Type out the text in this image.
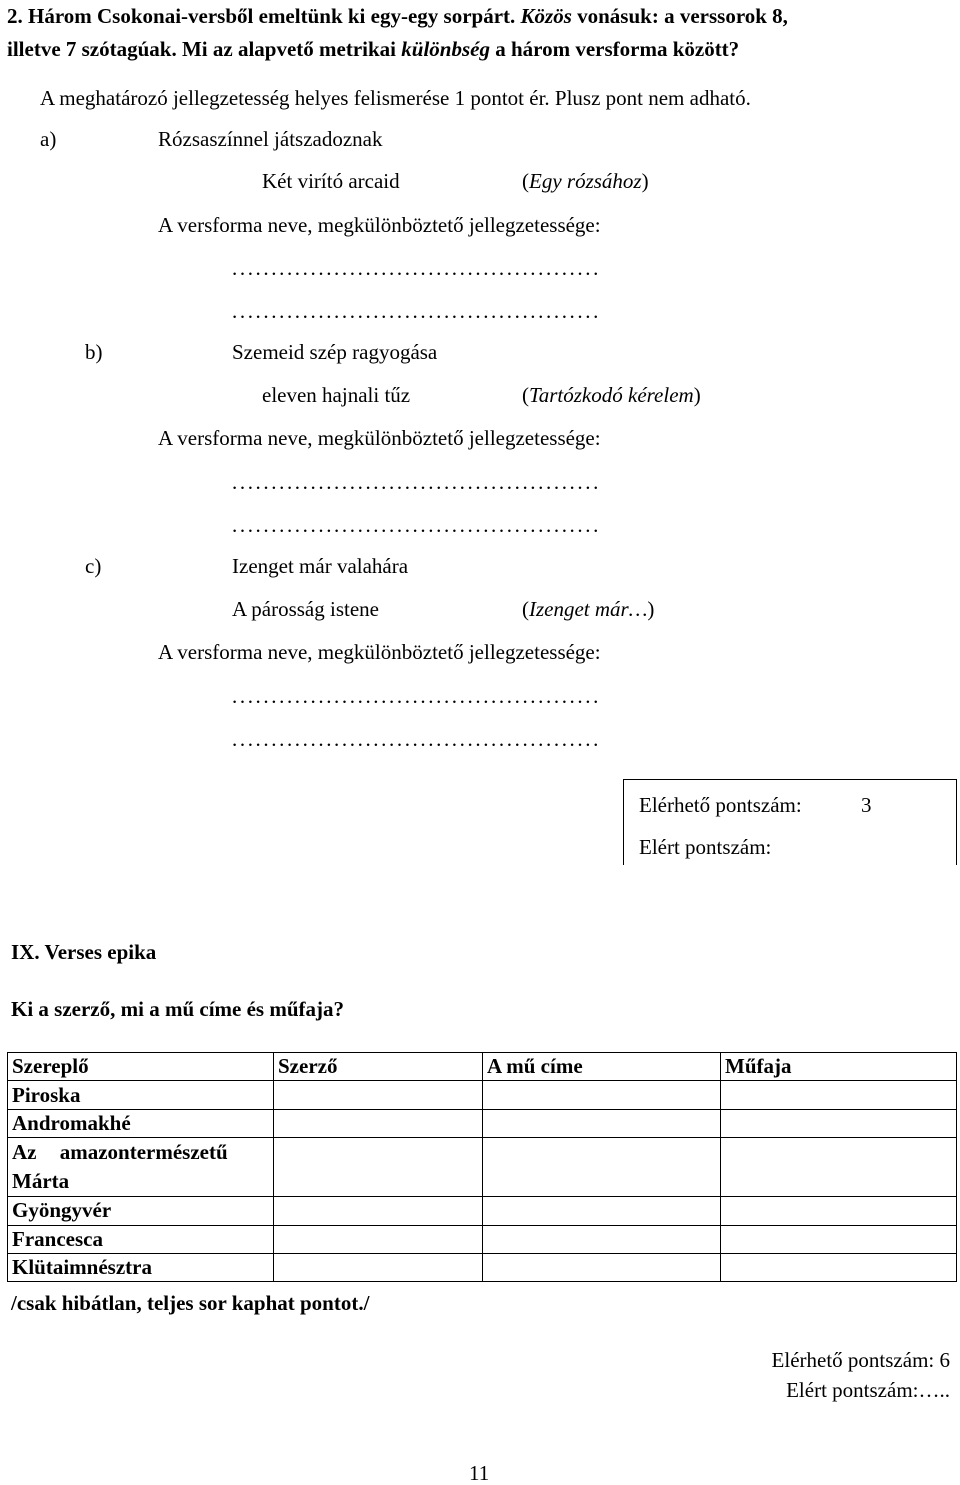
2. Három Csokonai-versből emeltünk ki egy-egy sorpárt. Közös vonásuk: a verssorok 8,
illetve 7 szótagúak. Mi az alapvető metrikai különbség a három versforma között?
A meghatározó jellegzetesség helyes felismerése 1 pontot ér. Plusz pont nem adható.
a)	Rózsaszínnel játszadoznak
Két virító arcaid	(Egy rózsához)
A versforma neve, megkülönböztető jellegzetessége:
...............................................
...............................................
b)	Szemeid szép ragyogása
eleven hajnali tűz	(Tartózkodó kérelem)
A versforma neve, megkülönböztető jellegzetessége:
...............................................
...............................................
c)	Izenget már valahára
A párosság istene	(Izenget már…)
A versforma neve, megkülönböztető jellegzetessége:
...............................................
...............................................
Elérhető pontszám:	3
Elért pontszám:
IX. Verses epika
Ki a szerző, mi a mű címe és műfaja?
Szereplő	Szerző	A mű címe	Műfaja
Piroska			
Andromakhé			
Az amazontermészetű Márta			

Gyöngyvér			
Francesca			
Klütaimnésztra			
/csak hibátlan, teljes sor kaphat pontot./
Elérhető pontszám: 6
Elért pontszám:…..
11
